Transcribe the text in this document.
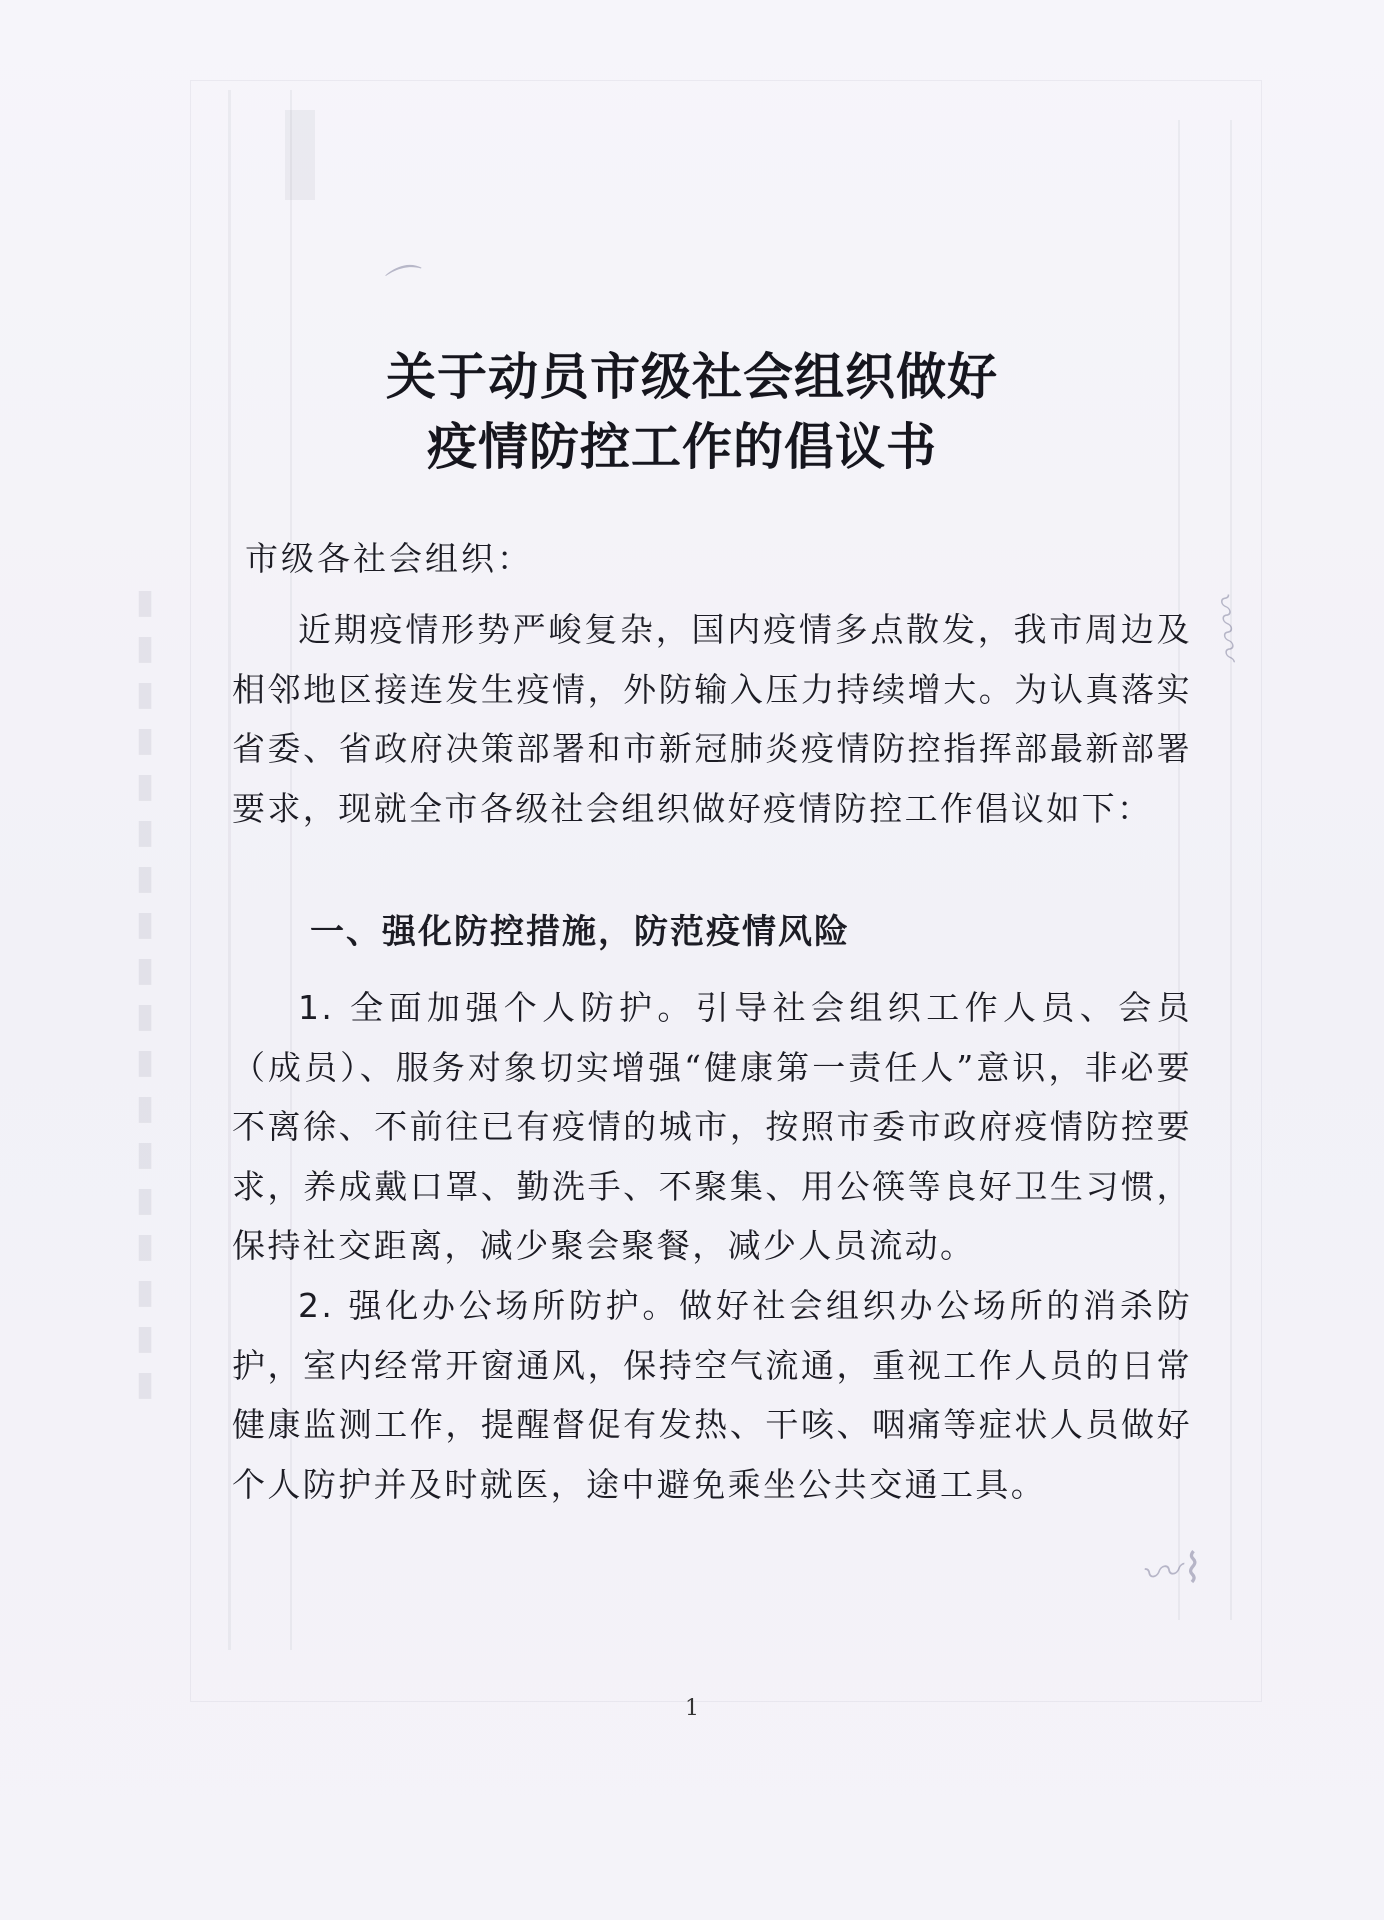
▮▮▮▮▮▮▮▮▮▮▮▮▮▮▮▮▮▮
⌒
〰〰
〰⌇
关于动员市级社会组织做好
疫情防控工作的倡议书
市级各社会组织：

近期疫情形势严峻复杂，国内疫情多点散发，我市周边及相邻地区接连发生疫情，外防输入压力持续增大。为认真落实省委、省政府决策部署和市新冠肺炎疫情防控指挥部最新部署要求，现就全市各级社会组织做好疫情防控工作倡议如下：

一、强化防控措施，防范疫情风险

1. 全面加强个人防护。引导社会组织工作人员、会员（成员）、服务对象切实增强“健康第一责任人”意识，非必要不离徐、不前往已有疫情的城市，按照市委市政府疫情防控要求，养成戴口罩、勤洗手、不聚集、用公筷等良好卫生习惯，保持社交距离，减少聚会聚餐，减少人员流动。

2. 强化办公场所防护。做好社会组织办公场所的消杀防护，室内经常开窗通风，保持空气流通，重视工作人员的日常健康监测工作，提醒督促有发热、干咳、咽痛等症状人员做好个人防护并及时就医，途中避免乘坐公共交通工具。

1
